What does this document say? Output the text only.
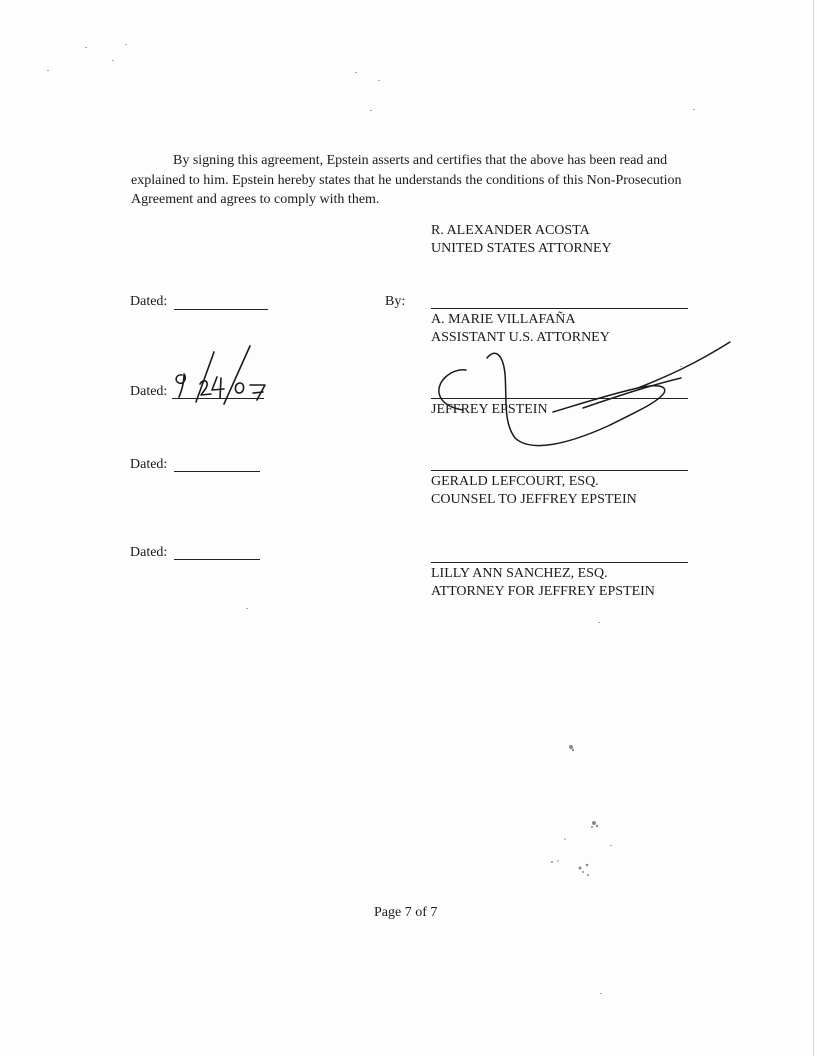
By signing this agreement, Epstein asserts and certifies that the above has been read and explained to him. Epstein hereby states that he understands the conditions of this Non-Prosecution Agreement and agrees to comply with them.
R. ALEXANDER ACOSTA
UNITED STATES ATTORNEY
Dated:	By:
A. MARIE VILLAFAÑA
ASSISTANT U.S. ATTORNEY
Dated:
JEFFREY EPSTEIN
Dated:
GERALD LEFCOURT, ESQ.
COUNSEL TO JEFFREY EPSTEIN
Dated:
LILLY ANN SANCHEZ, ESQ.
ATTORNEY FOR JEFFREY EPSTEIN
Page 7 of 7
